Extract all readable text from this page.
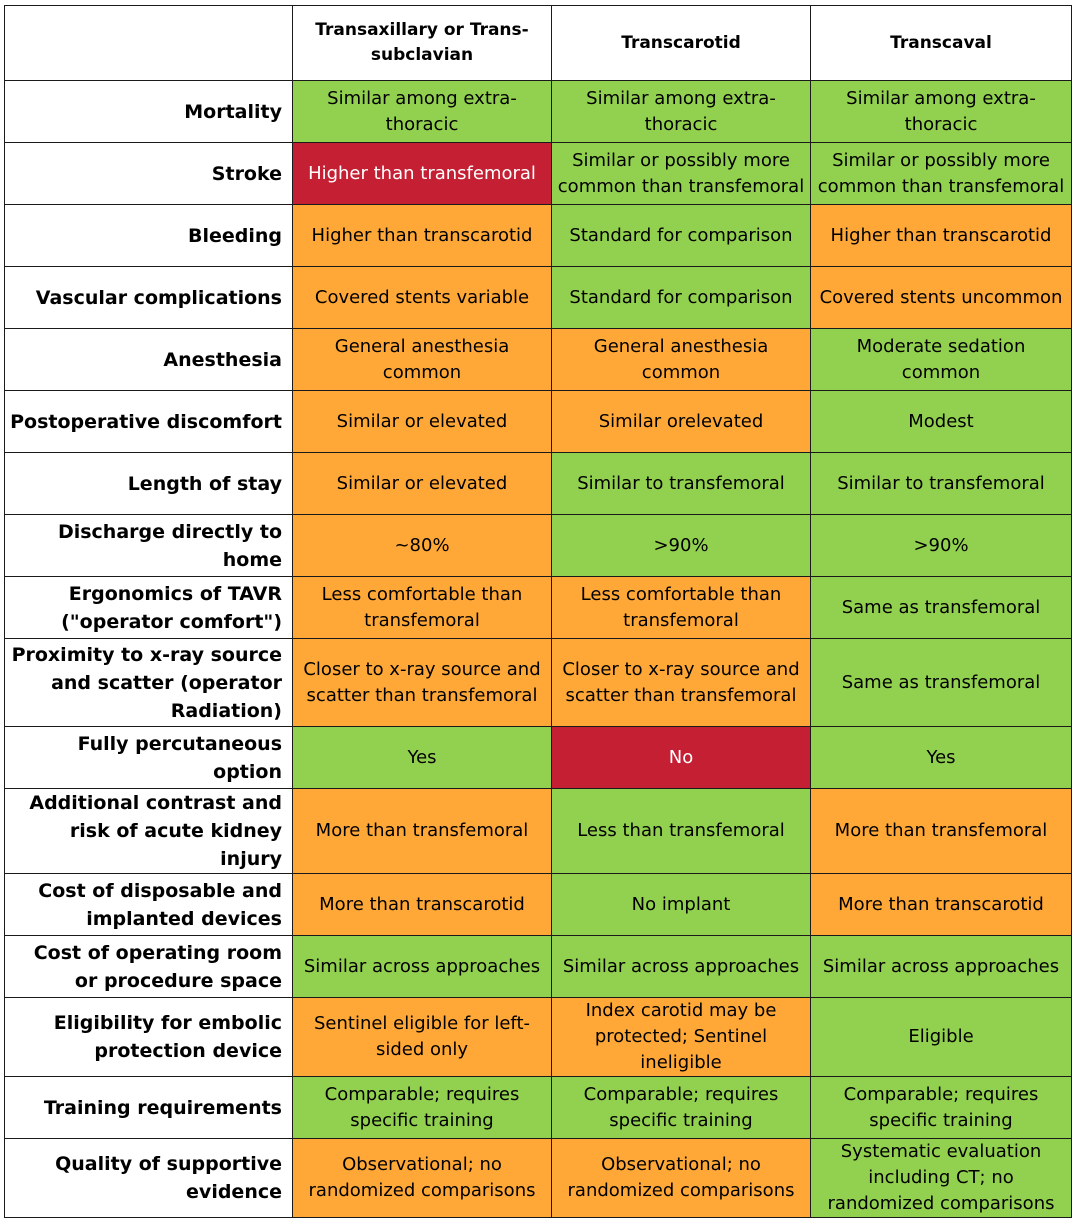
	Transaxillary or Trans-subclavian	Transcarotid	Transcaval
Mortality	Similar among extra-thoracic	Similar among extra-thoracic	Similar among extra-thoracic
Stroke	Higher than transfemoral	Similar or possibly more common than transfemoral	Similar or possibly more common than transfemoral
Bleeding	Higher than transcarotid	Standard for comparison	Higher than transcarotid
Vascular complications	Covered stents variable	Standard for comparison	Covered stents uncommon
Anesthesia	General anesthesia common	General anesthesia common	Moderate sedation common
Postoperative discomfort	Similar or elevated	Similar orelevated	Modest
Length of stay	Similar or elevated	Similar to transfemoral	Similar to transfemoral
Discharge directly to home	~80%	>90%	>90%
Ergonomics of TAVR ("operator comfort")	Less comfortable than transfemoral	Less comfortable than transfemoral	Same as transfemoral
Proximity to x-ray source and scatter (operator Radiation)	Closer to x-ray source and scatter than transfemoral	Closer to x-ray source and scatter than transfemoral	Same as transfemoral
Fully percutaneous option	Yes	No	Yes
Additional contrast and risk of acute kidney injury	More than transfemoral	Less than transfemoral	More than transfemoral
Cost of disposable and implanted devices	More than transcarotid	No implant	More than transcarotid
Cost of operating room or procedure space	Similar across approaches	Similar across approaches	Similar across approaches
Eligibility for embolic protection device	Sentinel eligible for left-sided only	Index carotid may be protected; Sentinel ineligible	Eligible
Training requirements	Comparable; requires specific training	Comparable; requires specific training	Comparable; requires specific training
Quality of supportive evidence	Observational; no randomized comparisons	Observational; no randomized comparisons	Systematic evaluation including CT; no randomized comparisons
